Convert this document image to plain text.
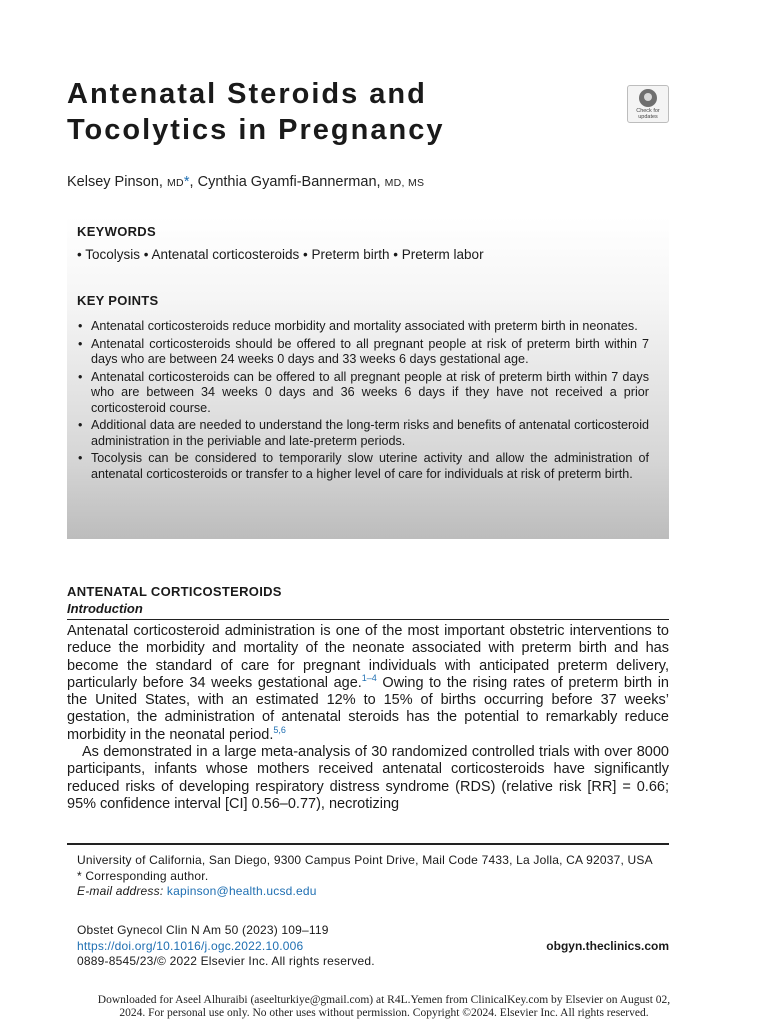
Antenatal Steroids and
Tocolytics in Pregnancy
Check for updates
Kelsey Pinson, MD*, Cynthia Gyamfi-Bannerman, MD, MS
KEYWORDS
• Tocolysis • Antenatal corticosteroids • Preterm birth • Preterm labor
KEY POINTS
• Antenatal corticosteroids reduce morbidity and mortality associated with preterm birth in neonates.
• Antenatal corticosteroids should be offered to all pregnant people at risk of preterm birth within 7 days who are between 24 weeks 0 days and 33 weeks 6 days gestational age.
• Antenatal corticosteroids can be offered to all pregnant people at risk of preterm birth within 7 days who are between 34 weeks 0 days and 36 weeks 6 days if they have not received a prior corticosteroid course.
• Additional data are needed to understand the long-term risks and benefits of antenatal corticosteroid administration in the periviable and late-preterm periods.
• Tocolysis can be considered to temporarily slow uterine activity and allow the administration of antenatal corticosteroids or transfer to a higher level of care for individuals at risk of preterm birth.
ANTENATAL CORTICOSTEROIDS
Introduction

Antenatal corticosteroid administration is one of the most important obstetric interventions to reduce the morbidity and mortality of the neonate associated with preterm birth and has become the standard of care for pregnant individuals with anticipated preterm delivery, particularly before 34 weeks gestational age.$^{1-4}$ Owing to the rising rates of preterm birth in the United States, with an estimated 12% to 15% of births occurring before 37 weeks’ gestation, the administration of antenatal steroids has the potential to remarkably reduce morbidity in the neonatal period.$^{5,6}$

As demonstrated in a large meta-analysis of 30 randomized controlled trials with over 8000 participants, infants whose mothers received antenatal corticosteroids have significantly reduced risks of developing respiratory distress syndrome (RDS) (relative risk [RR] = 0.66; 95% confidence interval [CI] 0.56–0.77), necrotizing

University of California, San Diego, 9300 Campus Point Drive, Mail Code 7433, La Jolla, CA 92037, USA

* Corresponding author.

E-mail address: kapinson@health.ucsd.edu

Obstet Gynecol Clin N Am 50 (2023) 109–119

https://doi.org/10.1016/j.ogc.2022.10.006

0889-8545/23/© 2022 Elsevier Inc. All rights reserved.

obgyn.theclinics.com

Downloaded for Aseel Alhuraibi (aseelturkiye@gmail.com) at R4L.Yemen from ClinicalKey.com by Elsevier on August 02,

2024. For personal use only. No other uses without permission. Copyright ©2024. Elsevier Inc. All rights reserved.
